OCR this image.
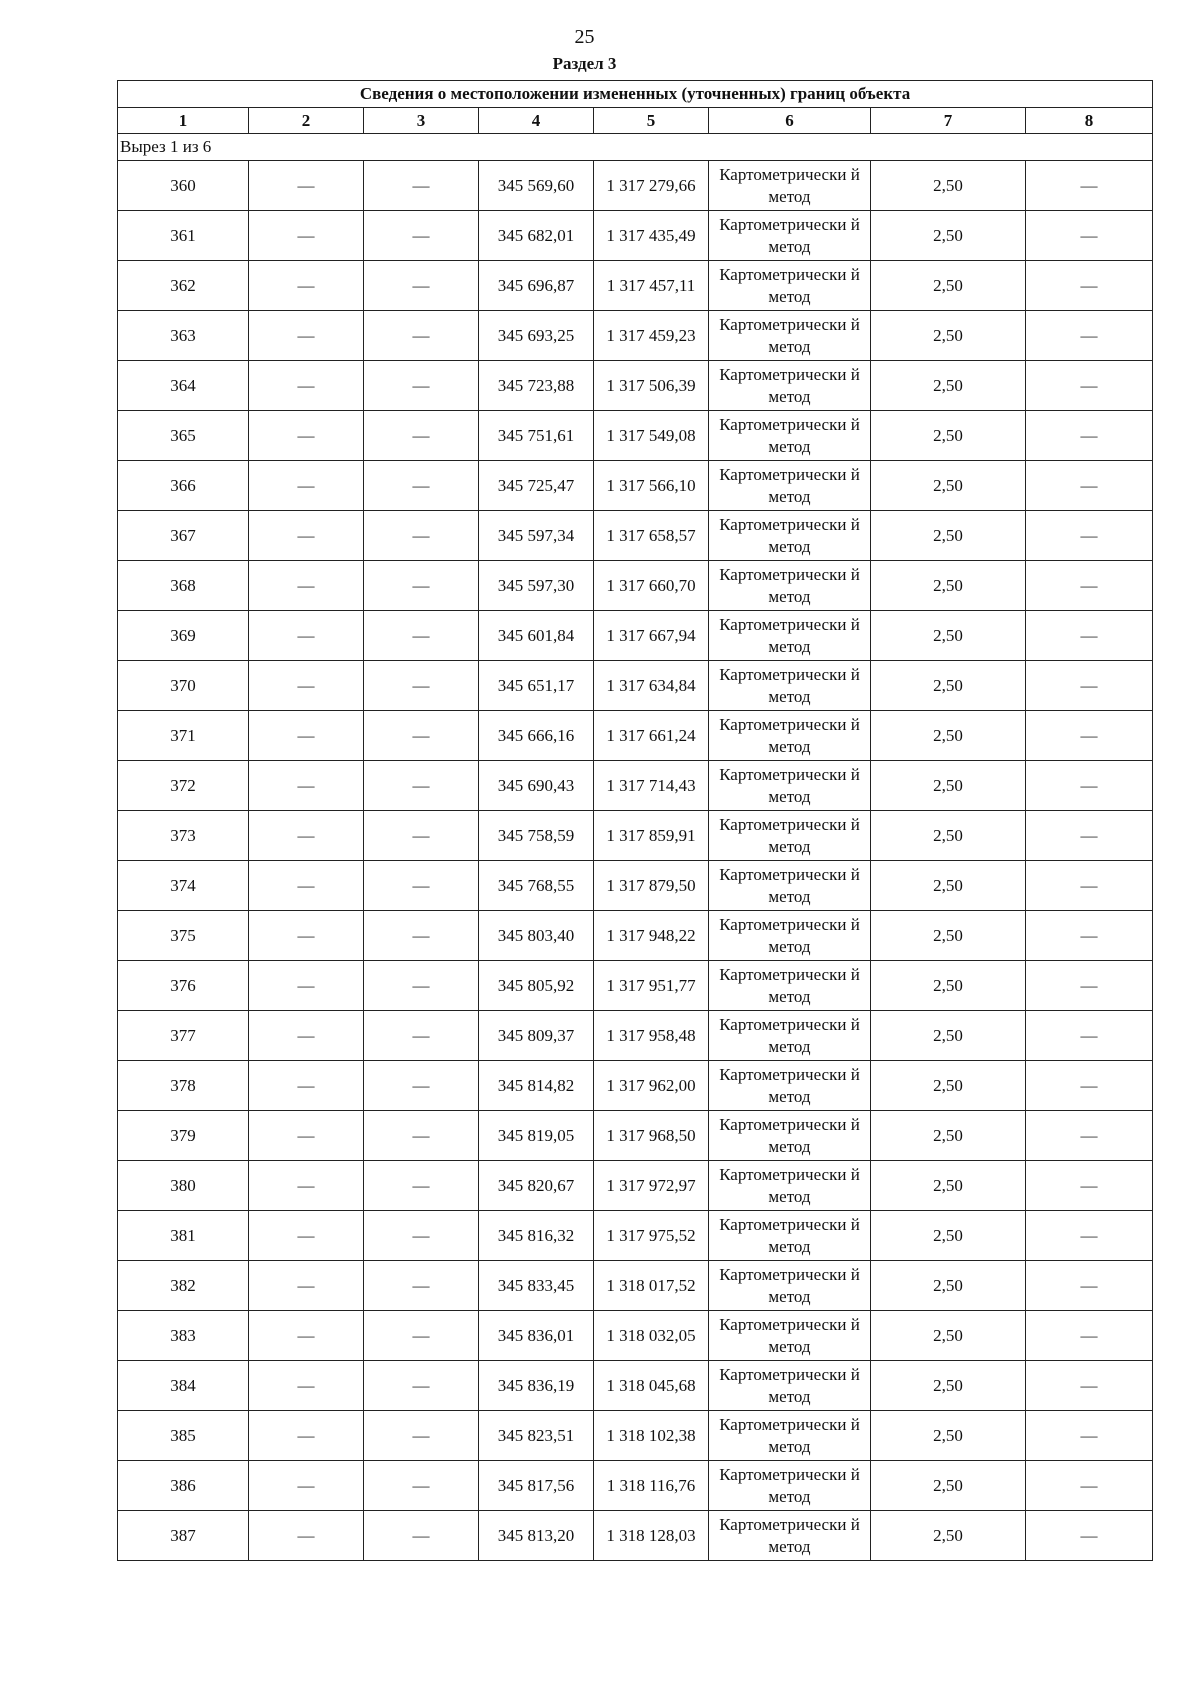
25
Раздел 3
Сведения о местоположении измененных (уточненных) границ объекта							
1	2	3	4	5	6	7	8
Вырез 1 из 6							
360	—	—	345 569,60	1 317 279,66	Картометрически й метод	2,50	—
361	—	—	345 682,01	1 317 435,49	Картометрически й метод	2,50	—
362	—	—	345 696,87	1 317 457,11	Картометрически й метод	2,50	—
363	—	—	345 693,25	1 317 459,23	Картометрически й метод	2,50	—
364	—	—	345 723,88	1 317 506,39	Картометрически й метод	2,50	—
365	—	—	345 751,61	1 317 549,08	Картометрически й метод	2,50	—
366	—	—	345 725,47	1 317 566,10	Картометрически й метод	2,50	—
367	—	—	345 597,34	1 317 658,57	Картометрически й метод	2,50	—
368	—	—	345 597,30	1 317 660,70	Картометрически й метод	2,50	—
369	—	—	345 601,84	1 317 667,94	Картометрически й метод	2,50	—
370	—	—	345 651,17	1 317 634,84	Картометрически й метод	2,50	—
371	—	—	345 666,16	1 317 661,24	Картометрически й метод	2,50	—
372	—	—	345 690,43	1 317 714,43	Картометрически й метод	2,50	—
373	—	—	345 758,59	1 317 859,91	Картометрически й метод	2,50	—
374	—	—	345 768,55	1 317 879,50	Картометрически й метод	2,50	—
375	—	—	345 803,40	1 317 948,22	Картометрически й метод	2,50	—
376	—	—	345 805,92	1 317 951,77	Картометрически й метод	2,50	—
377	—	—	345 809,37	1 317 958,48	Картометрически й метод	2,50	—
378	—	—	345 814,82	1 317 962,00	Картометрически й метод	2,50	—
379	—	—	345 819,05	1 317 968,50	Картометрически й метод	2,50	—
380	—	—	345 820,67	1 317 972,97	Картометрически й метод	2,50	—
381	—	—	345 816,32	1 317 975,52	Картометрически й метод	2,50	—
382	—	—	345 833,45	1 318 017,52	Картометрически й метод	2,50	—
383	—	—	345 836,01	1 318 032,05	Картометрически й метод	2,50	—
384	—	—	345 836,19	1 318 045,68	Картометрически й метод	2,50	—
385	—	—	345 823,51	1 318 102,38	Картометрически й метод	2,50	—
386	—	—	345 817,56	1 318 116,76	Картометрически й метод	2,50	—
387	—	—	345 813,20	1 318 128,03	Картометрически й метод	2,50	—
